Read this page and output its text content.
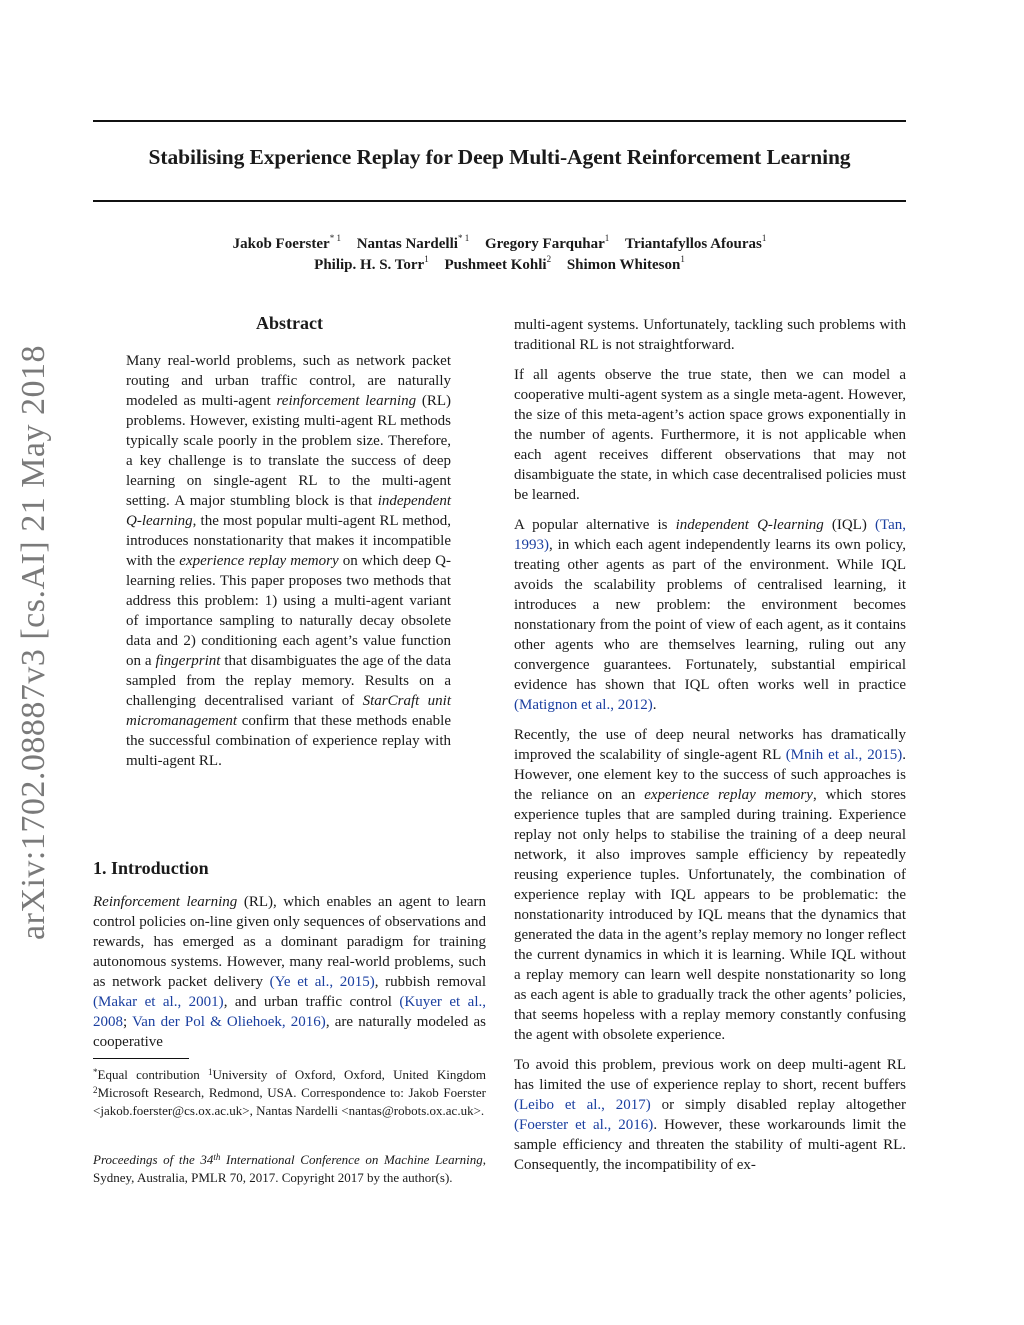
Stabilising Experience Replay for Deep Multi-Agent Reinforcement Learning
Jakob Foerster$^{* 1}$ Nantas Nardelli$^{* 1}$ Gregory Farquhar$^1$ Triantafyllos Afouras$^1$
Philip. H. S. Torr$^1$ Pushmeet Kohli$^2$ Shimon Whiteson$^1$
arXiv:1702.08887v3 [cs.AI] 21 May 2018
Abstract
Many real-world problems, such as network packet routing and urban traffic control, are naturally modeled as multi-agent reinforcement learning (RL) problems. However, existing multi-agent RL methods typically scale poorly in the problem size. Therefore, a key challenge is to translate the success of deep learning on single-agent RL to the multi-agent setting. A major stumbling block is that independent Q-learning, the most popular multi-agent RL method, introduces nonstationarity that makes it incompatible with the experience replay memory on which deep Q-learning relies. This paper proposes two methods that address this problem: 1) using a multi-agent variant of importance sampling to naturally decay obsolete data and 2) conditioning each agent’s value function on a fingerprint that disambiguates the age of the data sampled from the replay memory. Results on a challenging decentralised variant of StarCraft unit micromanagement confirm that these methods enable the successful combination of experience replay with multi-agent RL.
1. Introduction
Reinforcement learning (RL), which enables an agent to learn control policies on-line given only sequences of observations and rewards, has emerged as a dominant paradigm for training autonomous systems. However, many real-world problems, such as network packet delivery (Ye et al., 2015), rubbish removal (Makar et al., 2001), and urban traffic control (Kuyer et al., 2008; Van der Pol & Oliehoek, 2016), are naturally modeled as cooperative
*Equal contribution $^1$University of Oxford, Oxford, United Kingdom $^2$Microsoft Research, Redmond, USA. Correspondence to: Jakob Foerster <jakob.foerster@cs.ox.ac.uk>, Nantas Nardelli <nantas@robots.ox.ac.uk>.
Proceedings of the 34th International Conference on Machine Learning, Sydney, Australia, PMLR 70, 2017. Copyright 2017 by the author(s).

multi-agent systems. Unfortunately, tackling such problems with traditional RL is not straightforward.

If all agents observe the true state, then we can model a cooperative multi-agent system as a single meta-agent. However, the size of this meta-agent’s action space grows exponentially in the number of agents. Furthermore, it is not applicable when each agent receives different observations that may not disambiguate the state, in which case decentralised policies must be learned.

A popular alternative is independent Q-learning (IQL) (Tan, 1993), in which each agent independently learns its own policy, treating other agents as part of the environment. While IQL avoids the scalability problems of centralised learning, it introduces a new problem: the environment becomes nonstationary from the point of view of each agent, as it contains other agents who are themselves learning, ruling out any convergence guarantees. Fortunately, substantial empirical evidence has shown that IQL often works well in practice (Matignon et al., 2012).

Recently, the use of deep neural networks has dramatically improved the scalability of single-agent RL (Mnih et al., 2015). However, one element key to the success of such approaches is the reliance on an experience replay memory, which stores experience tuples that are sampled during training. Experience replay not only helps to stabilise the training of a deep neural network, it also improves sample efficiency by repeatedly reusing experience tuples. Unfortunately, the combination of experience replay with IQL appears to be problematic: the nonstationarity introduced by IQL means that the dynamics that generated the data in the agent’s replay memory no longer reflect the current dynamics in which it is learning. While IQL without a replay memory can learn well despite nonstationarity so long as each agent is able to gradually track the other agents’ policies, that seems hopeless with a replay memory constantly confusing the agent with obsolete experience.

To avoid this problem, previous work on deep multi-agent RL has limited the use of experience replay to short, recent buffers (Leibo et al., 2017) or simply disabled replay altogether (Foerster et al., 2016). However, these workarounds limit the sample efficiency and threaten the stability of multi-agent RL. Consequently, the incompatibility of ex-
